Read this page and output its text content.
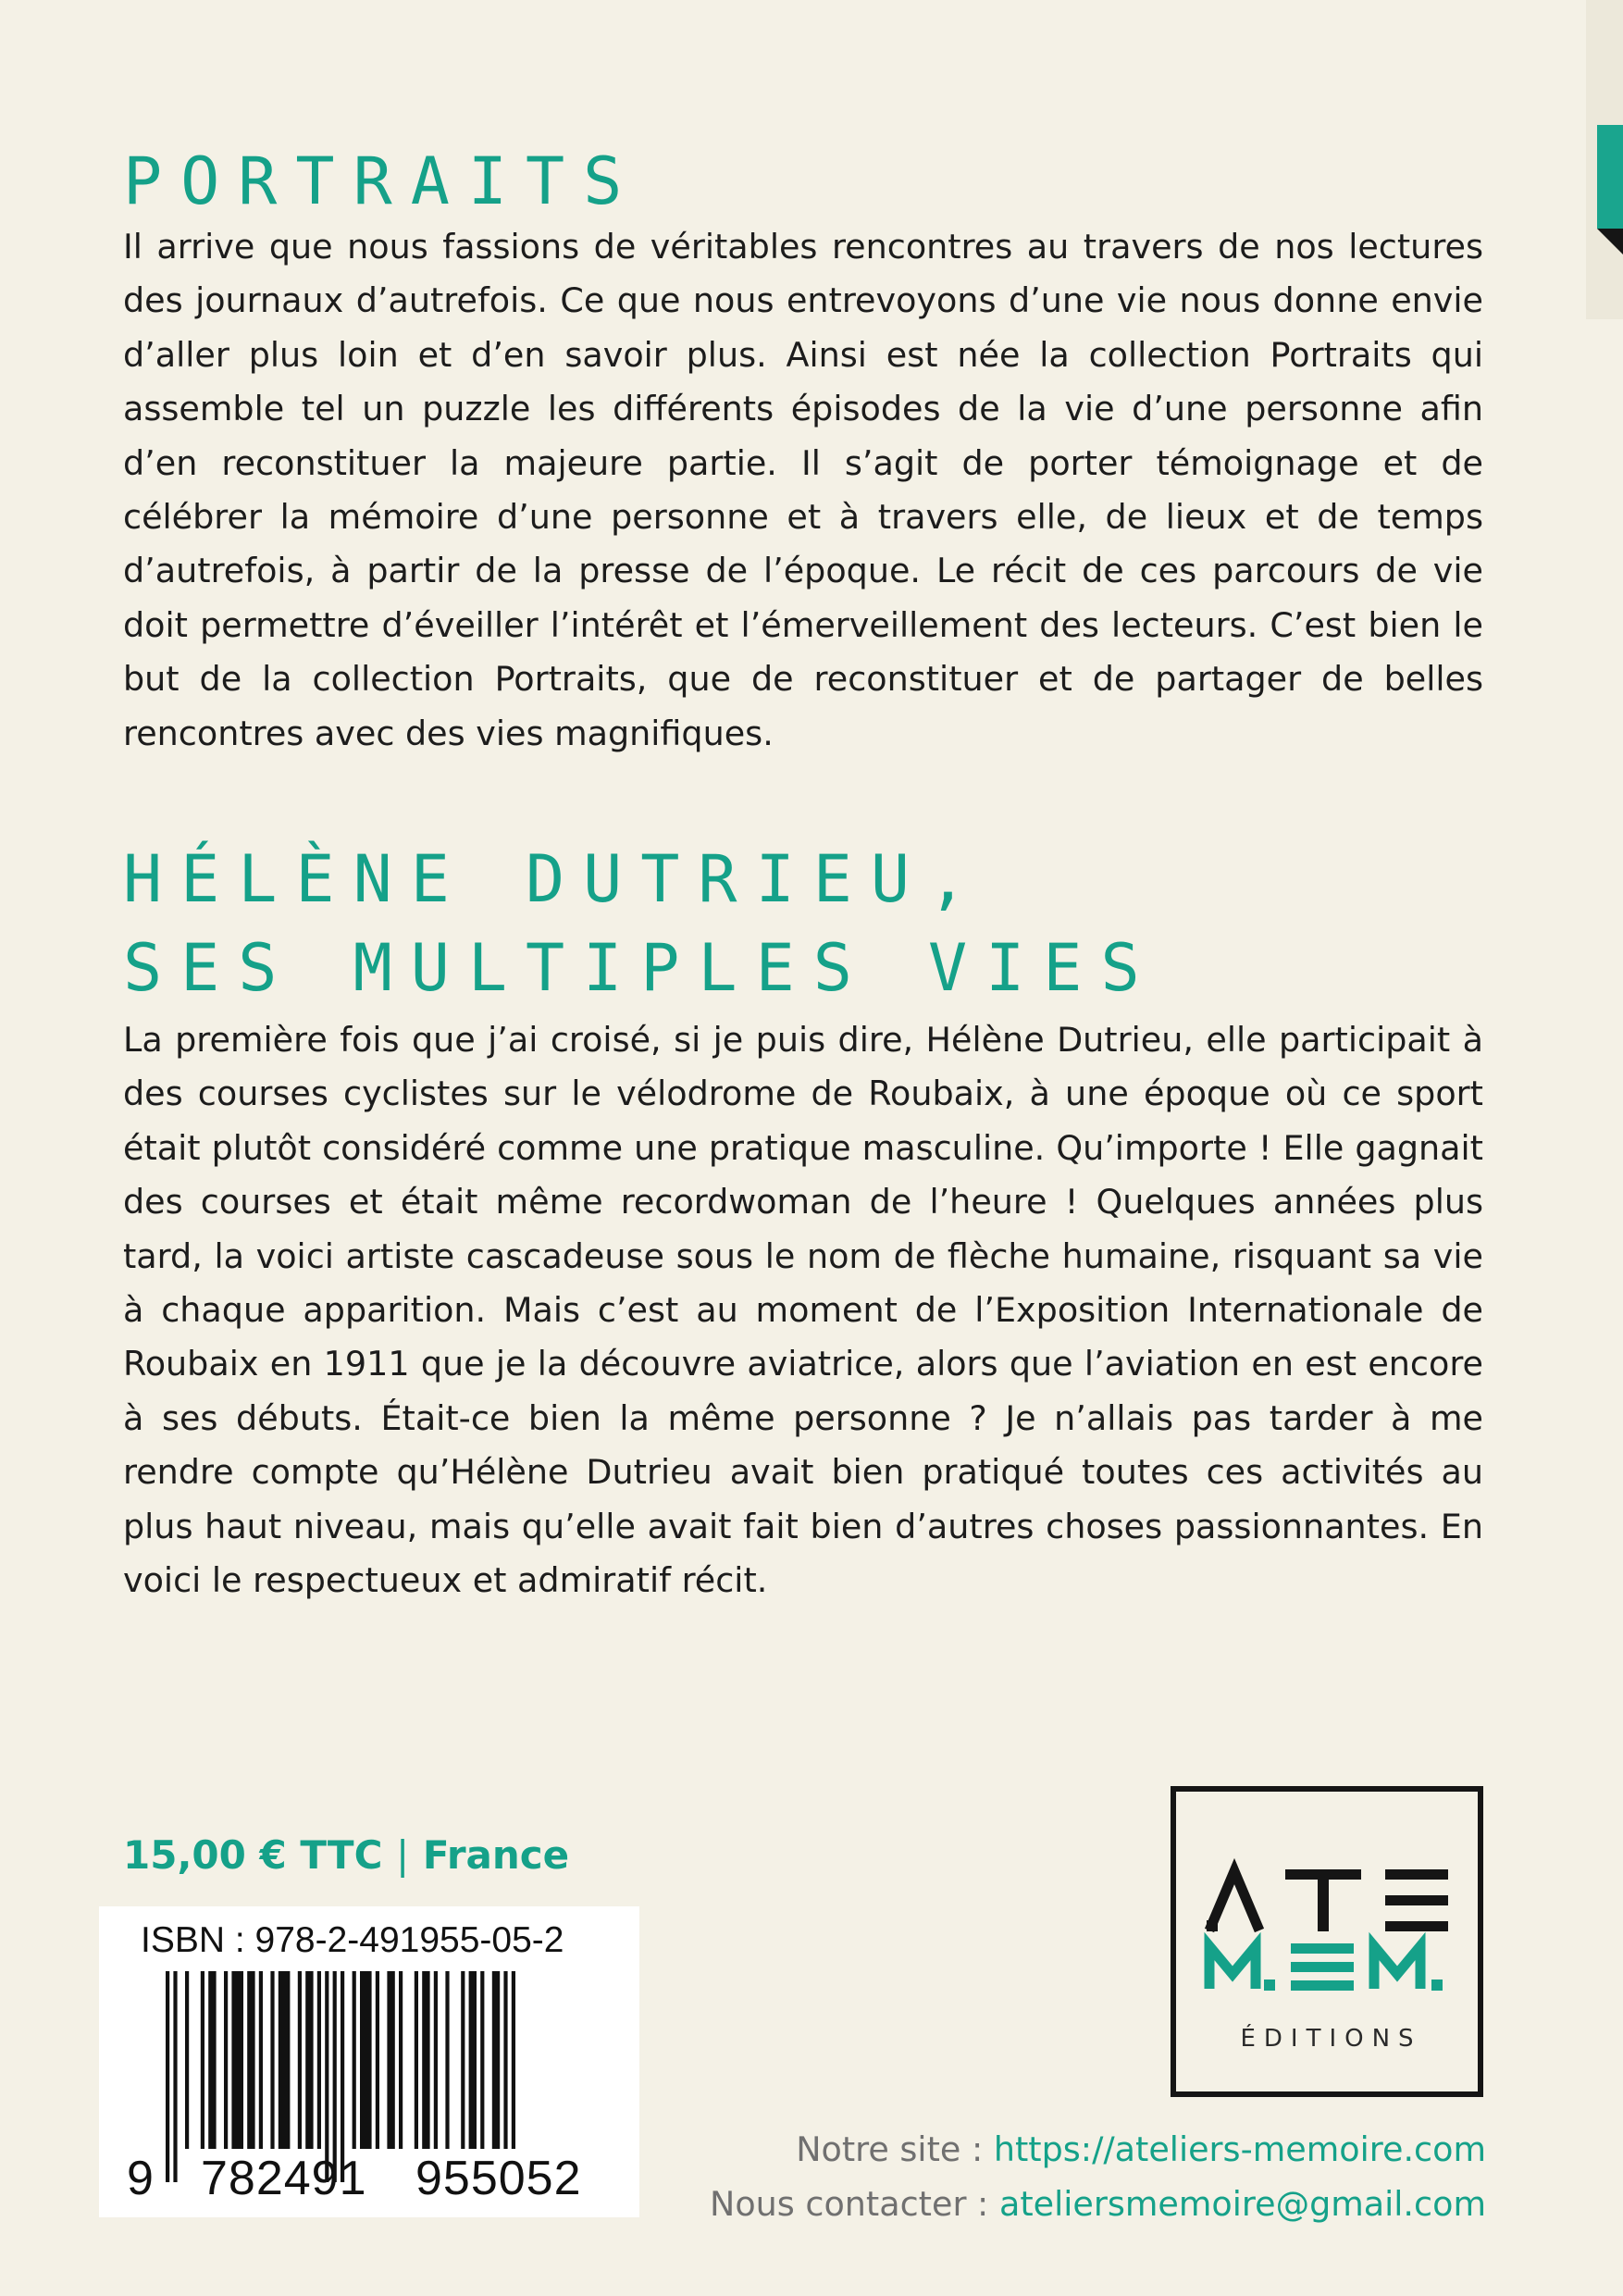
PORTRAITS

Il arrive que nous fassions de véritables rencontres au travers de nos lectures des journaux d’autrefois. Ce que nous entrevoyons d’une vie nous donne envie d’aller plus loin et d’en savoir plus. Ainsi est née la collection Portraits qui assemble tel un puzzle les différents épisodes de la vie d’une personne afin d’en reconstituer la majeure partie. Il s’agit de porter témoignage et de célébrer la mémoire d’une personne et à travers elle, de lieux et de temps d’autrefois, à partir de la presse de l’époque. Le récit de ces parcours de vie doit permettre d’éveiller l’intérêt et l’émerveillement des lecteurs. C’est bien le but de la collection Portraits, que de reconstituer et de partager de belles rencontres avec des vies magnifiques.

HÉLÈNE DUTRIEU,
SES MULTIPLES VIES

La première fois que j’ai croisé, si je puis dire, Hélène Dutrieu, elle participait à des courses cyclistes sur le vélodrome de Roubaix, à une époque où ce sport était plutôt considéré comme une pratique masculine. Qu’importe ! Elle gagnait des courses et était même recordwoman de l’heure ! Quelques années plus tard, la voici artiste cascadeuse sous le nom de flèche humaine, risquant sa vie à chaque apparition. Mais c’est au moment de l’Exposition Internationale de Roubaix en 1911 que je la découvre aviatrice, alors que l’aviation en est encore à ses débuts. Était-ce bien la même personne ? Je n’allais pas tarder à me rendre compte qu’Hélène Dutrieu avait bien pratiqué toutes ces activités au plus haut niveau, mais qu’elle avait fait bien d’autres choses passionnantes. En voici le respectueux et admiratif récit.

15,00 € TTC | France
ISBN : 978-2-491955-05-2
9 782491 955052
ÉDITIONS
Notre site : https://ateliers-memoire.com
Nous contacter : ateliersmemoire@gmail.com
